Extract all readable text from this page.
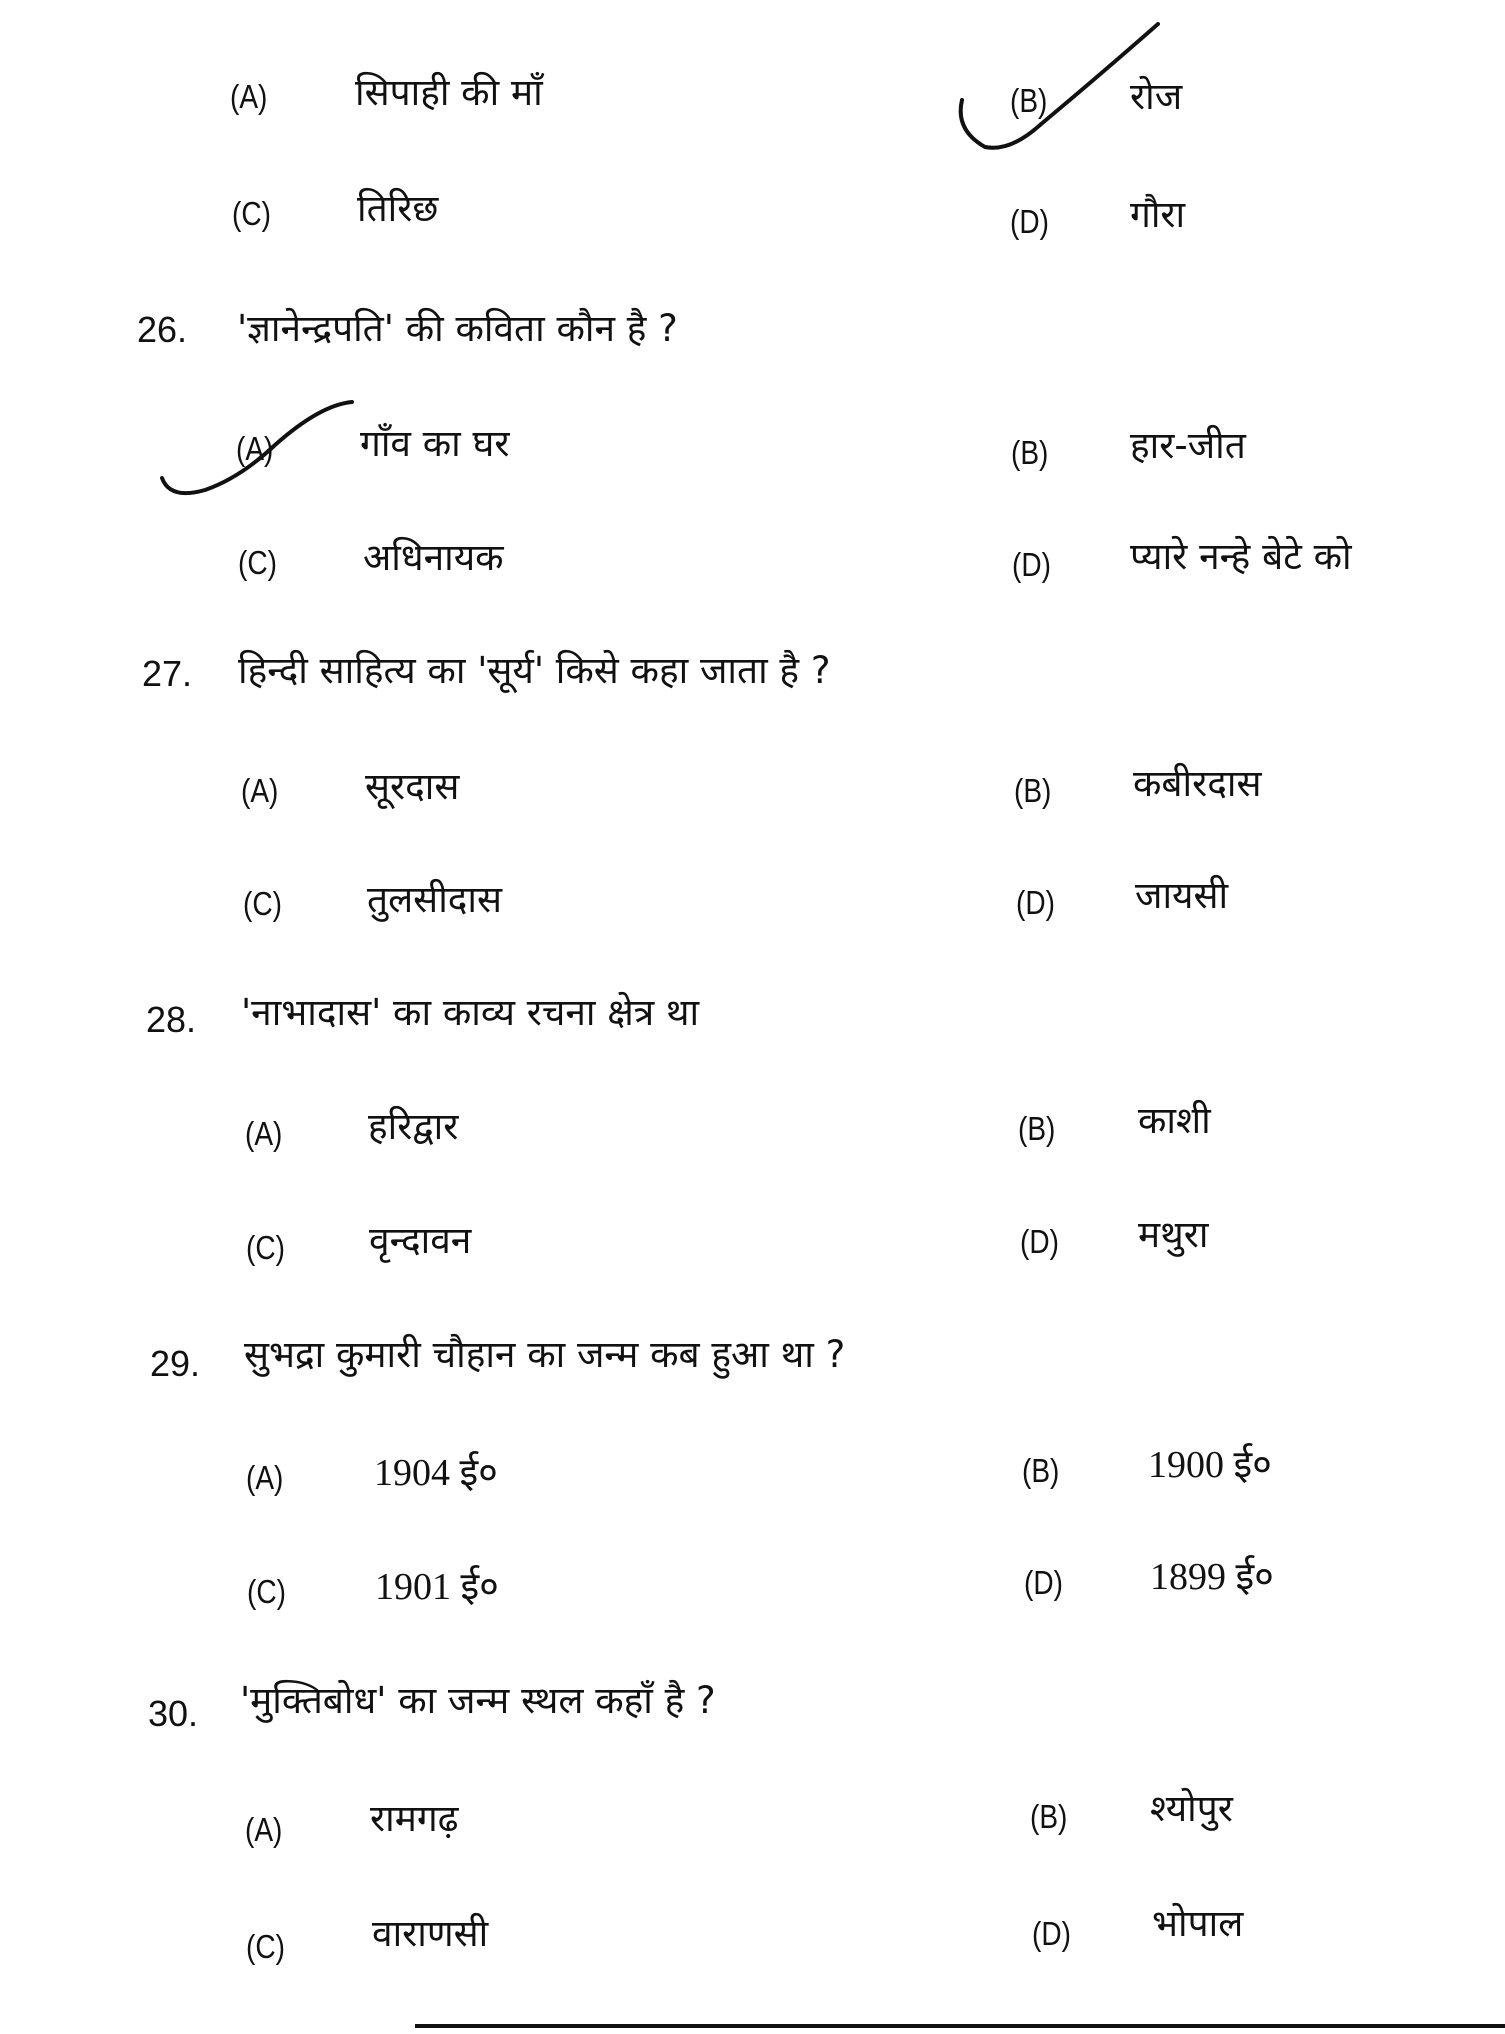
(A) सिपाही की माँ	(B) रोज
(C) तिरिछ	(D) गौरा
26. 'ज्ञानेन्द्रपति' की कविता कौन है ?
(A) गाँव का घर	(B) हार-जीत
(C) अधिनायक	(D) प्यारे नन्हे बेटे को
27. हिन्दी साहित्य का 'सूर्य' किसे कहा जाता है ?
(A) सूरदास	(B) कबीरदास
(C) तुलसीदास	(D) जायसी
28. 'नाभादास' का काव्य रचना क्षेत्र था
(A) हरिद्वार	(B) काशी
(C) वृन्दावन	(D) मथुरा
29. सुभद्रा कुमारी चौहान का जन्म कब हुआ था ?
(A) 1904 ई०	(B) 1900 ई०
(C) 1901 ई०	(D) 1899 ई०
30. 'मुक्तिबोध' का जन्म स्थल कहाँ है ?
(A) रामगढ़	(B) श्योपुर
(C) वाराणसी	(D) भोपाल
